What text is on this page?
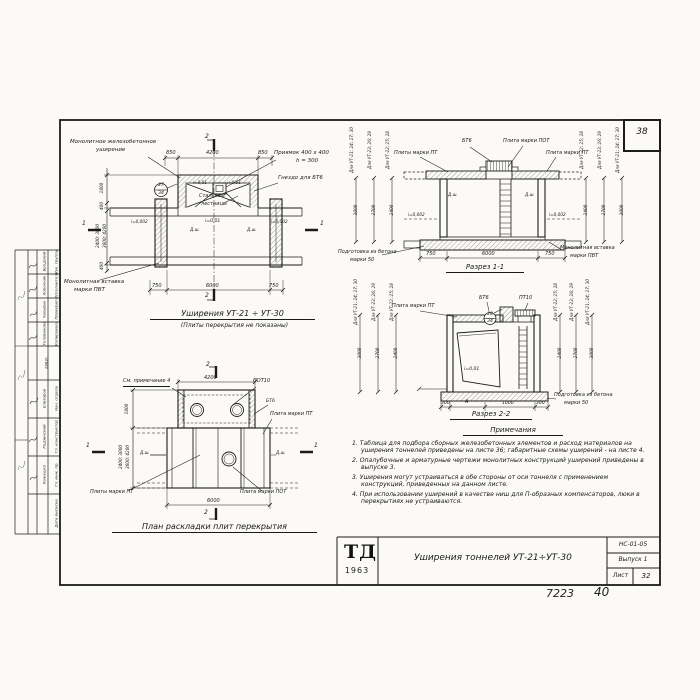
38
7223 40
ТД
1963
Уширения тоннелей УТ-21÷УТ-30
НС-01-05
Выпуск 1
Лист	32
Рук. группы
Бродский
Исполнитель
Корончик
Проверил
Чапурин
Копировала
Голованова
1963г.
Нач. отдела
Елизаров
Гл. конструктор
Родзинский
Гл. инж. пр.
Кожушко
Дата выпуска
Монолитное железобетонное
уширение	Приямок 400 x 400
h = 300
Гнездо для БТ6
Стальные
лестницы
Монолитная вставка
марки ПВТ
Д.ш.	Д.ш.
i=0,01	i=0,01
i=0,01
i=0,002	i=0,002
27
34
850	4200	850
750	6000	750
1800
400
2400; 3000 3600; 4200
400
1	1
2
2
Уширения УТ-21 ÷ УТ-30
(Плиты перекрытия не показаны)
БТ6	Плита марки ПОТ
Плиты марки ПТ	Плита марки ПТ
Д.ш.	Д.ш.
i=0,002	i=0,002
Подготовка из бетона
марки 50
Монолитная вставка
марки ПВТ
750	6000	750
3000	2700	2400
Для УТ-21; 24; 27; 30	Для УТ-23; 26; 29	Для УТ-22; 25; 28
2400	2700	3000
Для УТ-22; 25; 28	Для УТ-23; 26; 29	Для УТ-21; 24; 27; 30
Разрез 1-1
Плита марки ПТ
БТ6	ПТ10
28
34
i=0,01
Подготовка из бетона
марки 50
300	А	1000	300
3000	2700	2400
Для УТ-21; 24; 27; 30	Для УТ-23; 26; 29	Для УТ-22; 25; 28
2400	2700	3000
Для УТ-22; 25; 28	Для УТ-23; 26; 29	Для УТ-21; 24; 27; 30
Разрез 2-2
См. примечание 4	ПОТ10
БТ6
Плита марки ПТ
Д.ш.	Д.ш.
Плиты марки ПТ	Плита марки ПОТ
4200
6000
1800
2400; 3000 3600; 4200
1	1
2
2
План раскладки плит перекрытия
Примечания
1. Таблица для подбора сборных железобетонных элементов и расход материалов на уширения тоннелей приведены на листе 36; габаритные схемы уширений - на листе 4.
2. Опалубочные и арматурные чертежи монолитных конструкций уширений приведены в выпуске 3.
3. Уширения могут устраиваться в обе стороны от оси тоннеля с применением конструкций, приведенных на данном листе.
4. При использовании уширений в качестве ниш для П-образных компенсаторов, люки в перекрытиях не устраиваются.
